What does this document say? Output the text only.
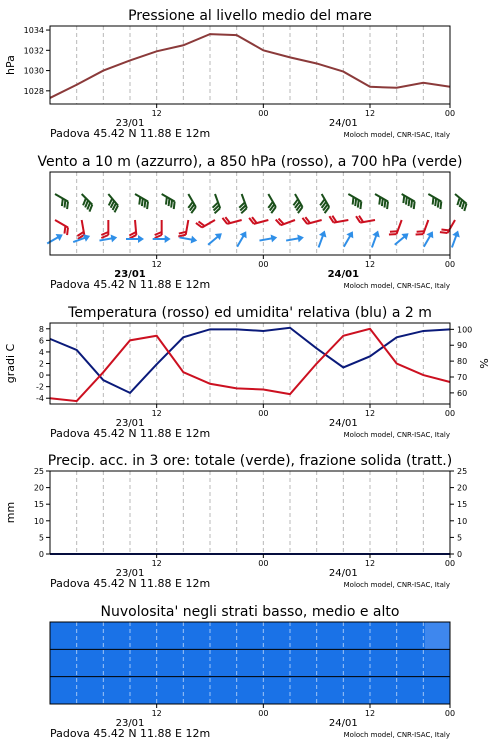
Pressione al livello medio del mare
1028
1030
1032
1034
hPa
12	00	12	00
23/01	24/01
Padova 45.42 N 11.88 E 12m	Moloch model, CNR-ISAC, Italy
Vento a 10 m (azzurro), a 850 hPa (rosso), a 700 hPa (verde)
12	00	12	00
23/01	24/01
Padova 45.42 N 11.88 E 12m	Moloch model, CNR-ISAC, Italy
Temperatura (rosso) ed umidita' relativa (blu) a 2 m
-4
-2
0
2
4
6
8
gradi C
60
70
80
90
100
%
12	00	12	00
23/01	24/01
Padova 45.42 N 11.88 E 12m	Moloch model, CNR-ISAC, Italy
Precip. acc. in 3 ore: totale (verde), frazione solida (tratt.)
0
5
10
15
20
25
mm
0
5
10
15
20
25
12	00	12	00
23/01	24/01
Padova 45.42 N 11.88 E 12m	Moloch model, CNR-ISAC, Italy
Nuvolosita' negli strati basso, medio e alto
12	00	12	00
23/01	24/01
Padova 45.42 N 11.88 E 12m	Moloch model, CNR-ISAC, Italy
